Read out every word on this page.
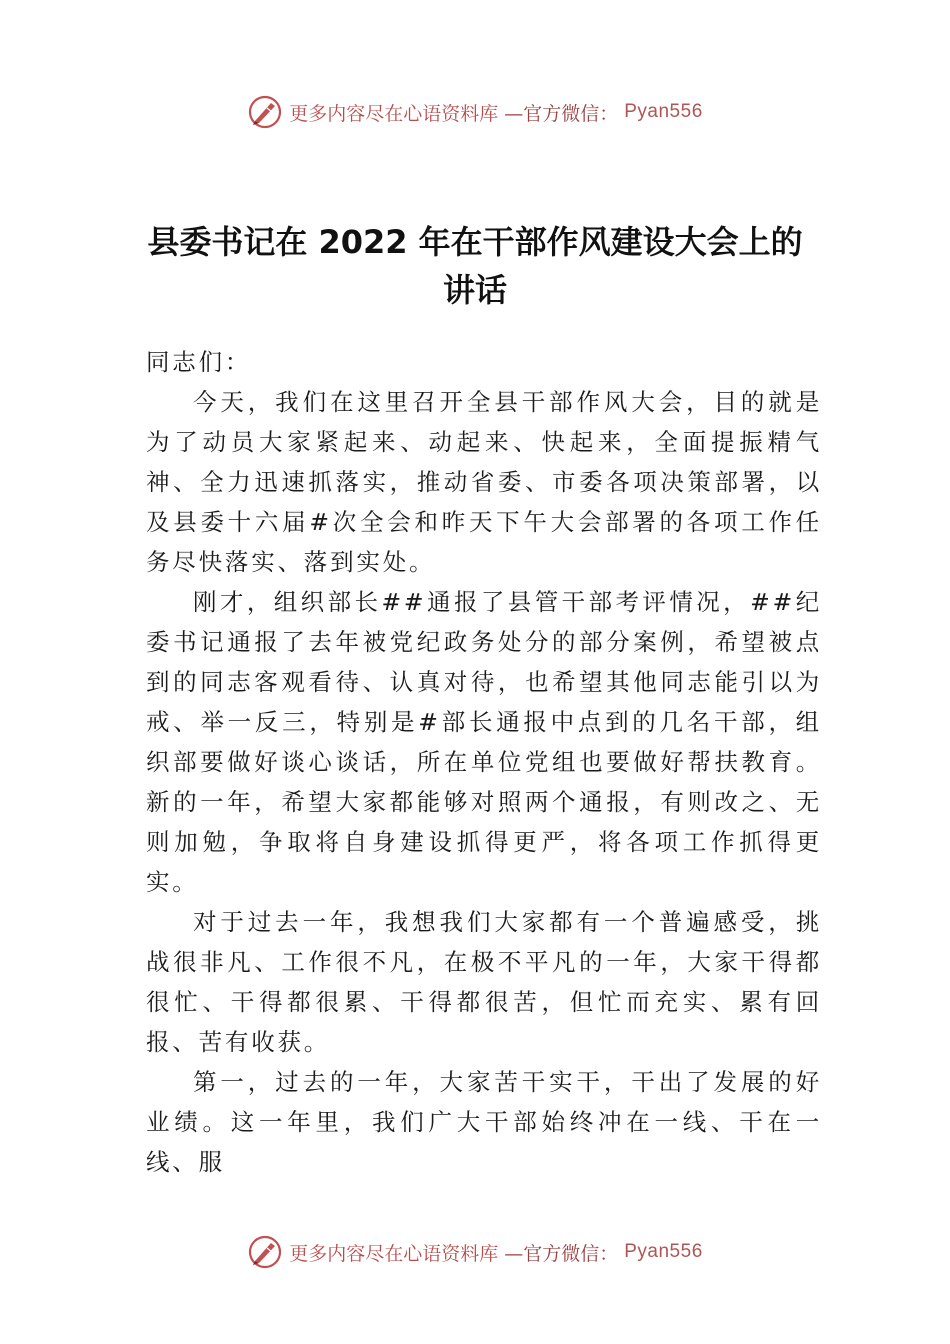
更多内容尽在心语资料库 —官方微信： Pyan556
县委书记在 2022 年在干部作风建设大会上的讲话

同志们：

今天，我们在这里召开全县干部作风大会，目的就是为了动员大家紧起来、动起来、快起来，全面提振精气神、全力迅速抓落实，推动省委、市委各项决策部署，以及县委十六届#次全会和昨天下午大会部署的各项工作任务尽快落实、落到实处。

刚才，组织部长##通报了县管干部考评情况，##纪委书记通报了去年被党纪政务处分的部分案例，希望被点到的同志客观看待、认真对待，也希望其他同志能引以为戒、举一反三，特别是#部长通报中点到的几名干部，组织部要做好谈心谈话，所在单位党组也要做好帮扶教育。新的一年，希望大家都能够对照两个通报，有则改之、无则加勉，争取将自身建设抓得更严，将各项工作抓得更实。

对于过去一年，我想我们大家都有一个普遍感受，挑战很非凡、工作很不凡，在极不平凡的一年，大家干得都很忙、干得都很累、干得都很苦，但忙而充实、累有回报、苦有收获。

第一，过去的一年，大家苦干实干，干出了发展的好业绩。这一年里，我们广大干部始终冲在一线、干在一线、服

更多内容尽在心语资料库 —官方微信： Pyan556
